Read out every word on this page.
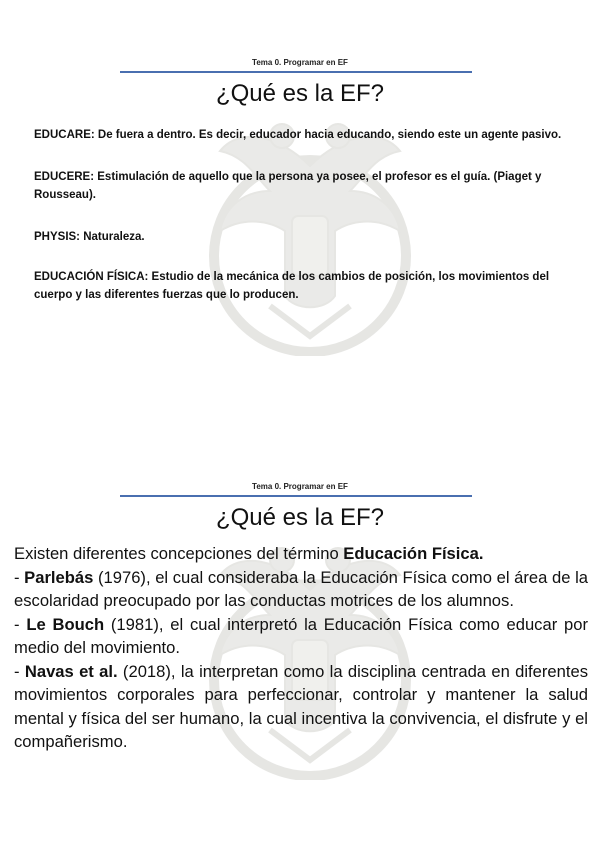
Tema 0. Programar en EF
¿Qué es la EF?

EDUCARE: De fuera a dentro. Es decir, educador hacia educando, siendo este un agente pasivo.

EDUCERE: Estimulación de aquello que la persona ya posee, el profesor es el guía. (Piaget y Rousseau).

PHYSIS: Naturaleza.

EDUCACIÓN FÍSICA: Estudio de la mecánica de los cambios de posición, los movimientos del cuerpo y las diferentes fuerzas que lo producen.

Tema 0. Programar en EF
¿Qué es la EF?

Existen diferentes concepciones del término Educación Física.

- Parlebás (1976), el cual consideraba la Educación Física como el área de la escolaridad preocupado por las conductas motrices de los alumnos.

- Le Bouch (1981), el cual interpretó la Educación Física como educar por medio del movimiento.

- Navas et al. (2018), la interpretan como la disciplina centrada en diferentes movimientos corporales para perfeccionar, controlar y mantener la salud mental y física del ser humano, la cual incentiva la convivencia, el disfrute y el compañerismo.
